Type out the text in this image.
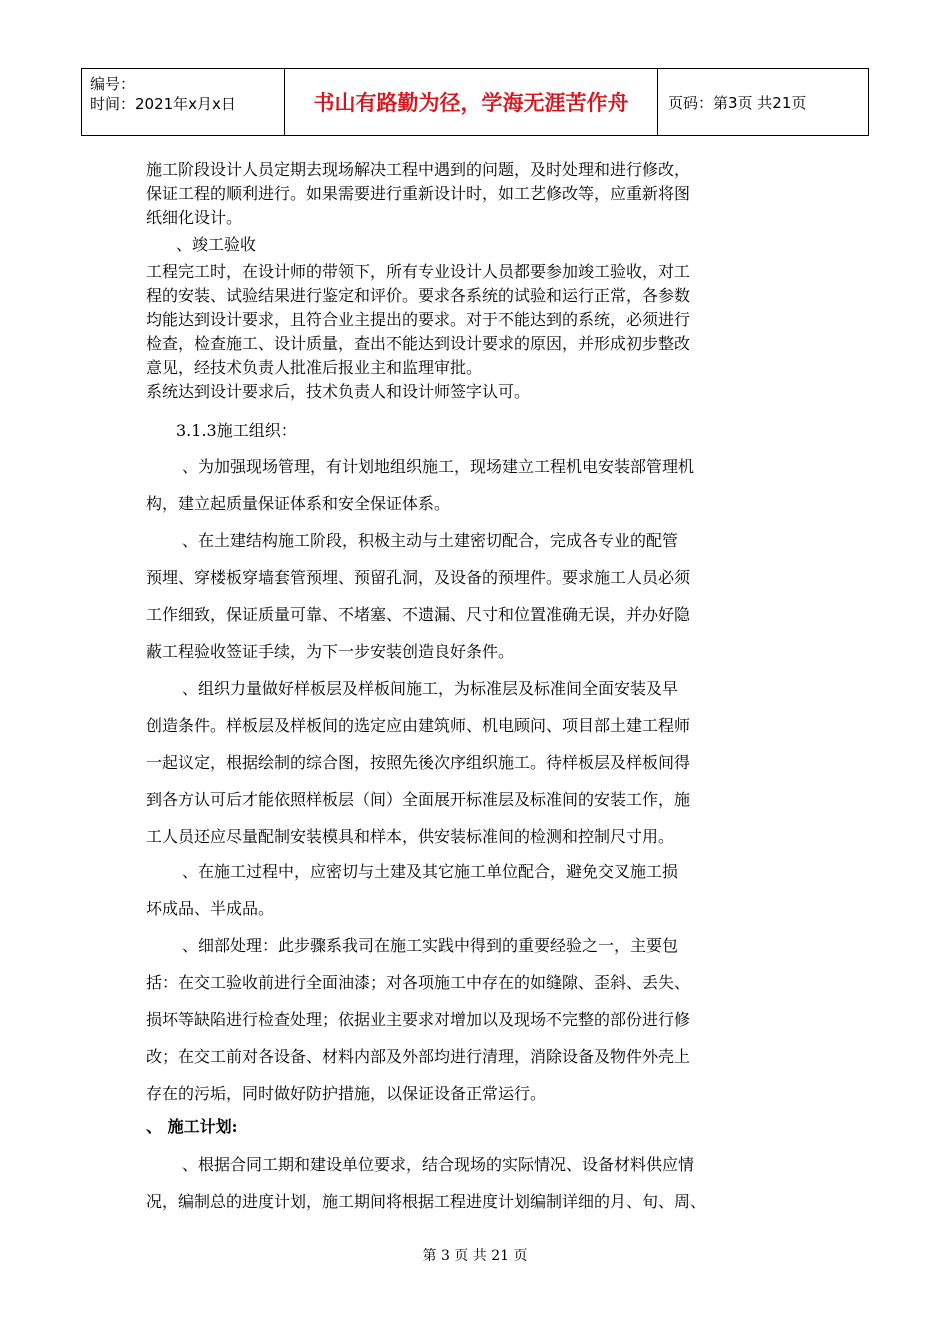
编号：
时间：2021年x月x日	书山有路勤为径，学海无涯苦作舟	页码：第3页 共21页
施工阶段设计人员定期去现场解决工程中遇到的问题，及时处理和进行修改，
保证工程的顺利进行。如果需要进行重新设计时，如工艺修改等，应重新将图
纸细化设计。
、竣工验收
工程完工时，在设计师的带领下，所有专业设计人员都要参加竣工验收，对工
程的安装、试验结果进行鉴定和评价。要求各系统的试验和运行正常，各参数
均能达到设计要求，且符合业主提出的要求。对于不能达到的系统，必须进行
检查，检查施工、设计质量，查出不能达到设计要求的原因，并形成初步整改
意见，经技术负责人批准后报业主和监理审批。
系统达到设计要求后，技术负责人和设计师签字认可。
3.1.3施工组织：
、为加强现场管理，有计划地组织施工，现场建立工程机电安装部管理机
构，建立起质量保证体系和安全保证体系。
、在土建结构施工阶段，积极主动与土建密切配合，完成各专业的配管
预埋、穿楼板穿墙套管预埋、预留孔洞，及设备的预埋件。要求施工人员必须
工作细致，保证质量可靠、不堵塞、不遗漏、尺寸和位置准确无误，并办好隐
蔽工程验收签证手续，为下一步安装创造良好条件。
、组织力量做好样板层及样板间施工，为标准层及标准间全面安装及早
创造条件。样板层及样板间的选定应由建筑师、机电顾问、项目部土建工程师
一起议定，根据绘制的综合图，按照先後次序组织施工。待样板层及样板间得
到各方认可后才能依照样板层（间）全面展开标准层及标准间的安装工作，施
工人员还应尽量配制安装模具和样本，供安装标准间的检测和控制尺寸用。
、在施工过程中，应密切与土建及其它施工单位配合，避免交叉施工损
坏成品、半成品。
、细部处理：此步骤系我司在施工实践中得到的重要经验之一，主要包
括：在交工验收前进行全面油漆；对各项施工中存在的如缝隙、歪斜、丢失、
损坏等缺陷进行检查处理；依据业主要求对增加以及现场不完整的部份进行修
改；在交工前对各设备、材料内部及外部均进行清理，消除设备及物件外壳上
存在的污垢，同时做好防护措施，以保证设备正常运行。
、 施工计划:
、根据合同工期和建设单位要求，结合现场的实际情况、设备材料供应情
况，编制总的进度计划，施工期间将根据工程进度计划编制详细的月、旬、周、
第 3 页 共 21 页
